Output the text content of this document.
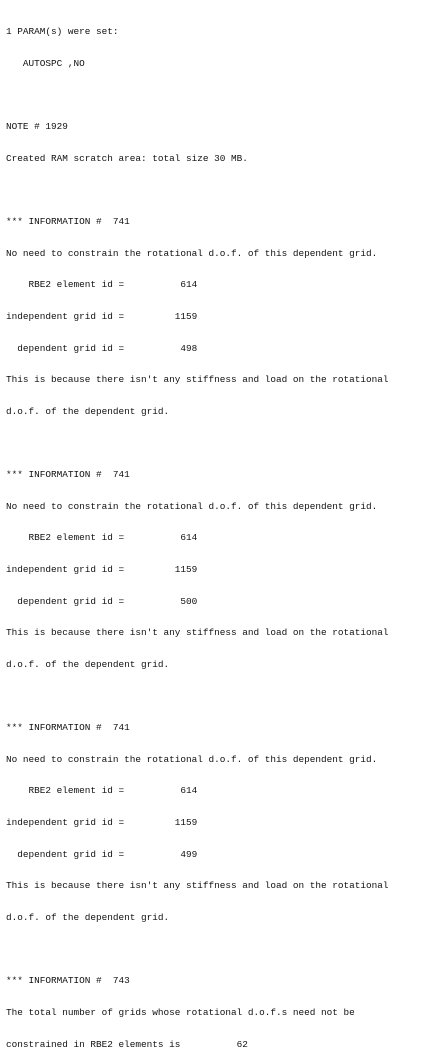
1 PARAM(s) were set:

AUTOSPC ,NO

NOTE # 1929

Created RAM scratch area: total size 30 MB.

*** INFORMATION #  741

No need to constrain the rotational d.o.f. of this dependent grid.

RBE2 element id =          614

independent grid id =         1159

dependent grid id =          498

This is because there isn't any stiffness and load on the rotational

d.o.f. of the dependent grid.

*** INFORMATION #  741

No need to constrain the rotational d.o.f. of this dependent grid.

RBE2 element id =          614

independent grid id =         1159

dependent grid id =          500

This is because there isn't any stiffness and load on the rotational

d.o.f. of the dependent grid.

*** INFORMATION #  741

No need to constrain the rotational d.o.f. of this dependent grid.

RBE2 element id =          614

independent grid id =         1159

dependent grid id =          499

This is because there isn't any stiffness and load on the rotational

d.o.f. of the dependent grid.

*** INFORMATION #  743

The total number of grids whose rotational d.o.f.s need not be

constrained in RBE2 elements is          62
